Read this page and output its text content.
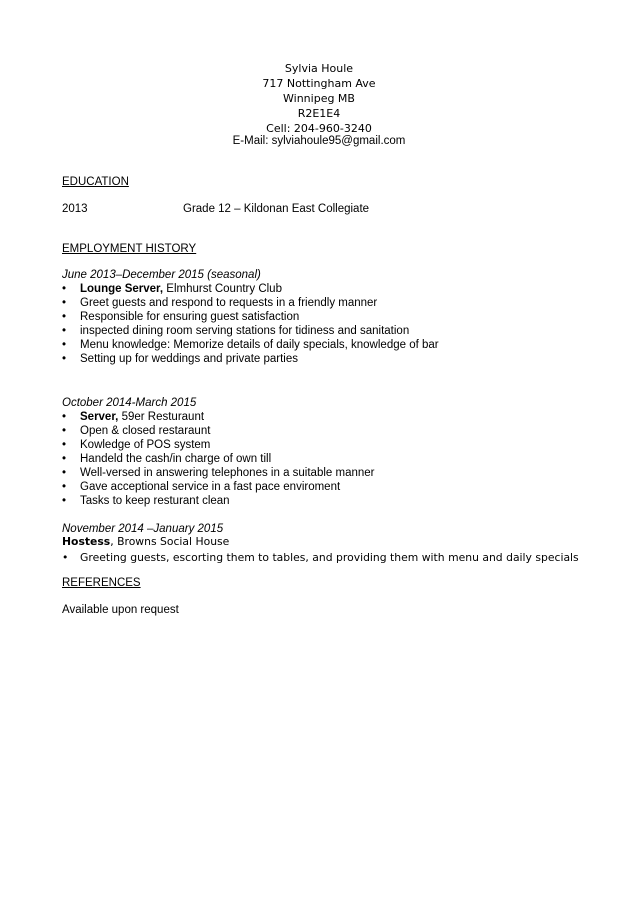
Sylvia Houle
717 Nottingham Ave
Winnipeg MB
R2E1E4
Cell: 204-960-3240
E-Mail: sylviahoule95@gmail.com
EDUCATION
2013	Grade 12 – Kildonan East Collegiate
EMPLOYMENT HISTORY
June 2013–December 2015 (seasonal)
•	Lounge Server, Elmhurst Country Club
•	Greet guests and respond to requests in a friendly manner
•	Responsible for ensuring guest satisfaction
•	inspected dining room serving stations for tidiness and sanitation
•	Menu knowledge: Memorize details of daily specials, knowledge of bar
•	Setting up for weddings and private parties
October 2014-March 2015
•	Server, 59er Resturaunt
•	Open & closed restaraunt
•	Kowledge of POS system
•	Handeld the cash/in charge of own till
•	Well-versed in answering telephones in a suitable manner
•	Gave acceptional service in a fast pace enviroment
•	Tasks to keep resturant clean
November 2014 –January 2015
Hostess, Browns Social House
•	Greeting guests, escorting them to tables, and providing them with menu and daily specials
REFERENCES
Available upon request
